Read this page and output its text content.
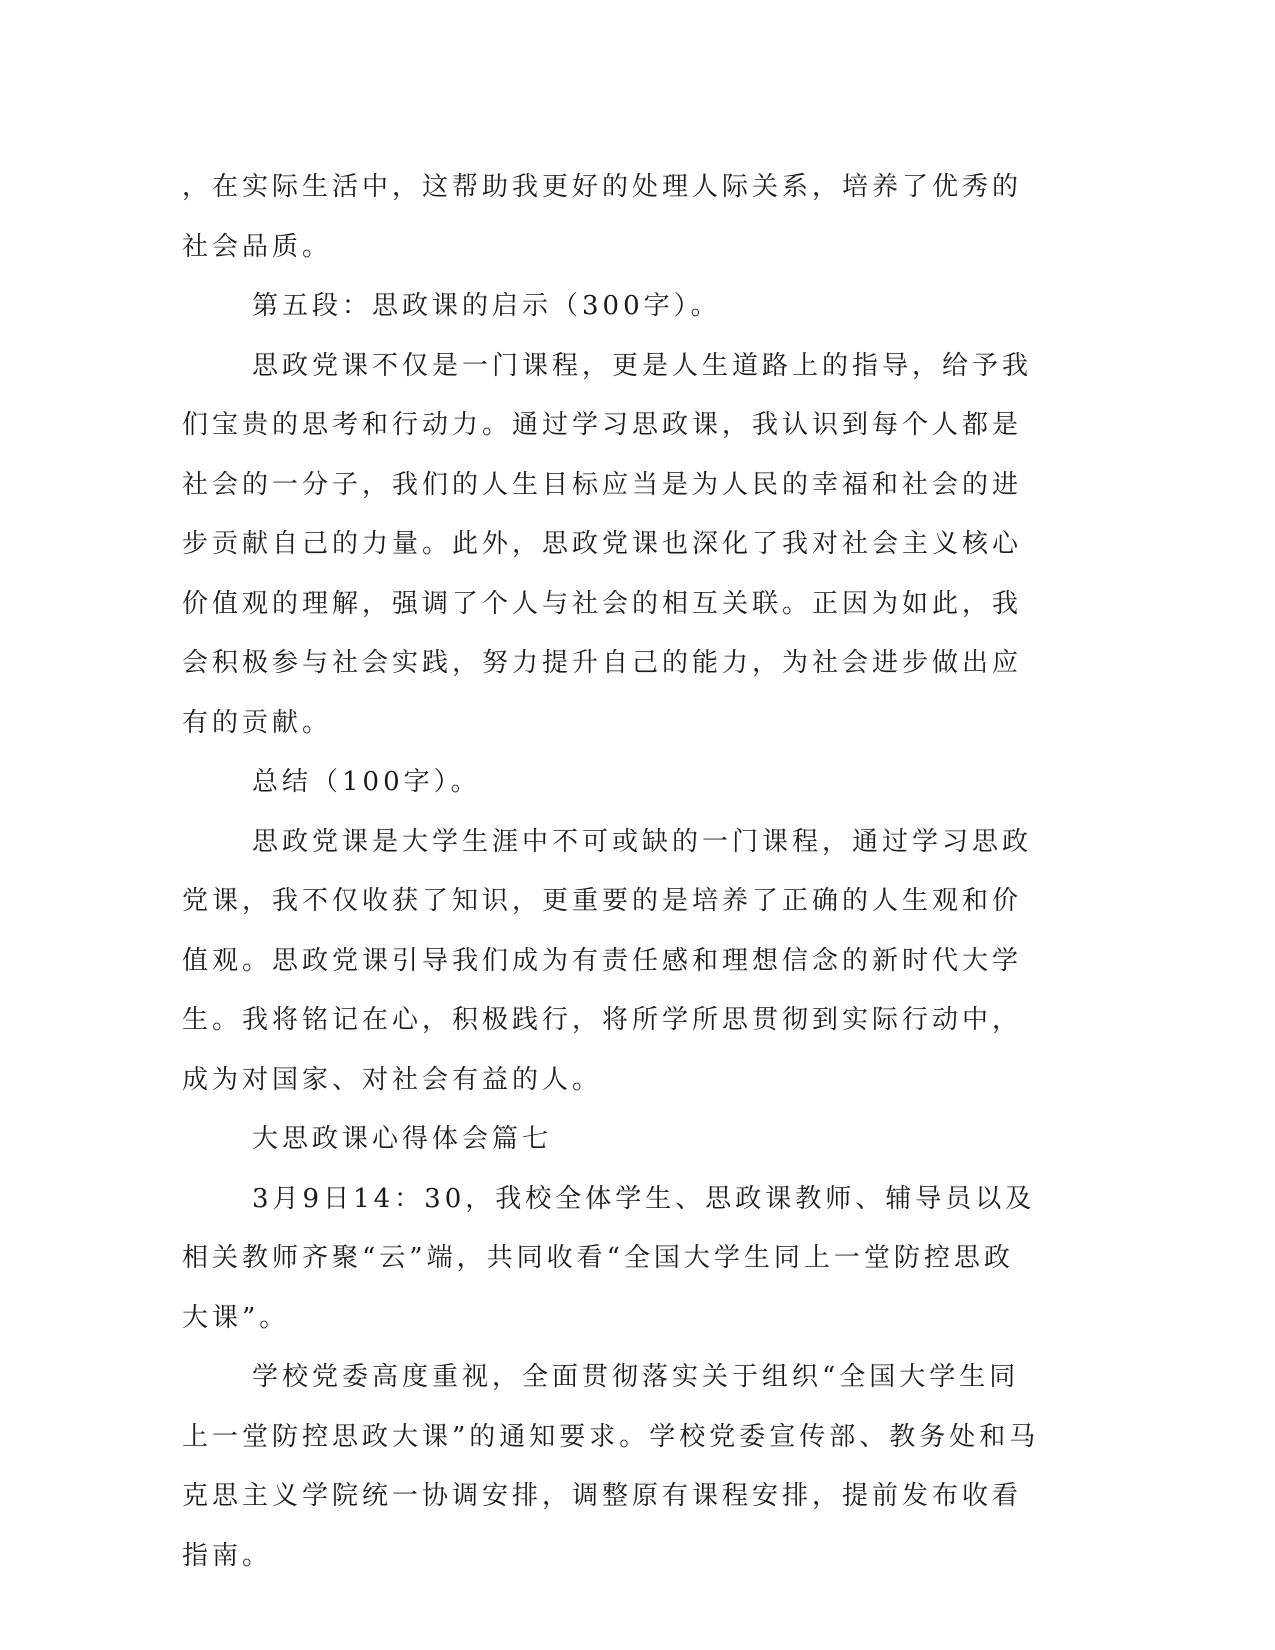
，在实际生活中，这帮助我更好的处理人际关系，培养了优秀的社会品质。

第五段：思政课的启示（300字）。

思政党课不仅是一门课程，更是人生道路上的指导，给予我们宝贵的思考和行动力。通过学习思政课，我认识到每个人都是社会的一分子，我们的人生目标应当是为人民的幸福和社会的进步贡献自己的力量。此外，思政党课也深化了我对社会主义核心价值观的理解，强调了个人与社会的相互关联。正因为如此，我会积极参与社会实践，努力提升自己的能力，为社会进步做出应有的贡献。

总结（100字）。

思政党课是大学生涯中不可或缺的一门课程，通过学习思政党课，我不仅收获了知识，更重要的是培养了正确的人生观和价值观。思政党课引导我们成为有责任感和理想信念的新时代大学生。我将铭记在心，积极践行，将所学所思贯彻到实际行动中，成为对国家、对社会有益的人。

大思政课心得体会篇七

3月9日14：30，我校全体学生、思政课教师、辅导员以及相关教师齐聚“云”端，共同收看“全国大学生同上一堂防控思政大课”。

学校党委高度重视，全面贯彻落实关于组织“全国大学生同上一堂防控思政大课”的通知要求。学校党委宣传部、教务处和马克思主义学院统一协调安排，调整原有课程安排，提前发布收看指南。
